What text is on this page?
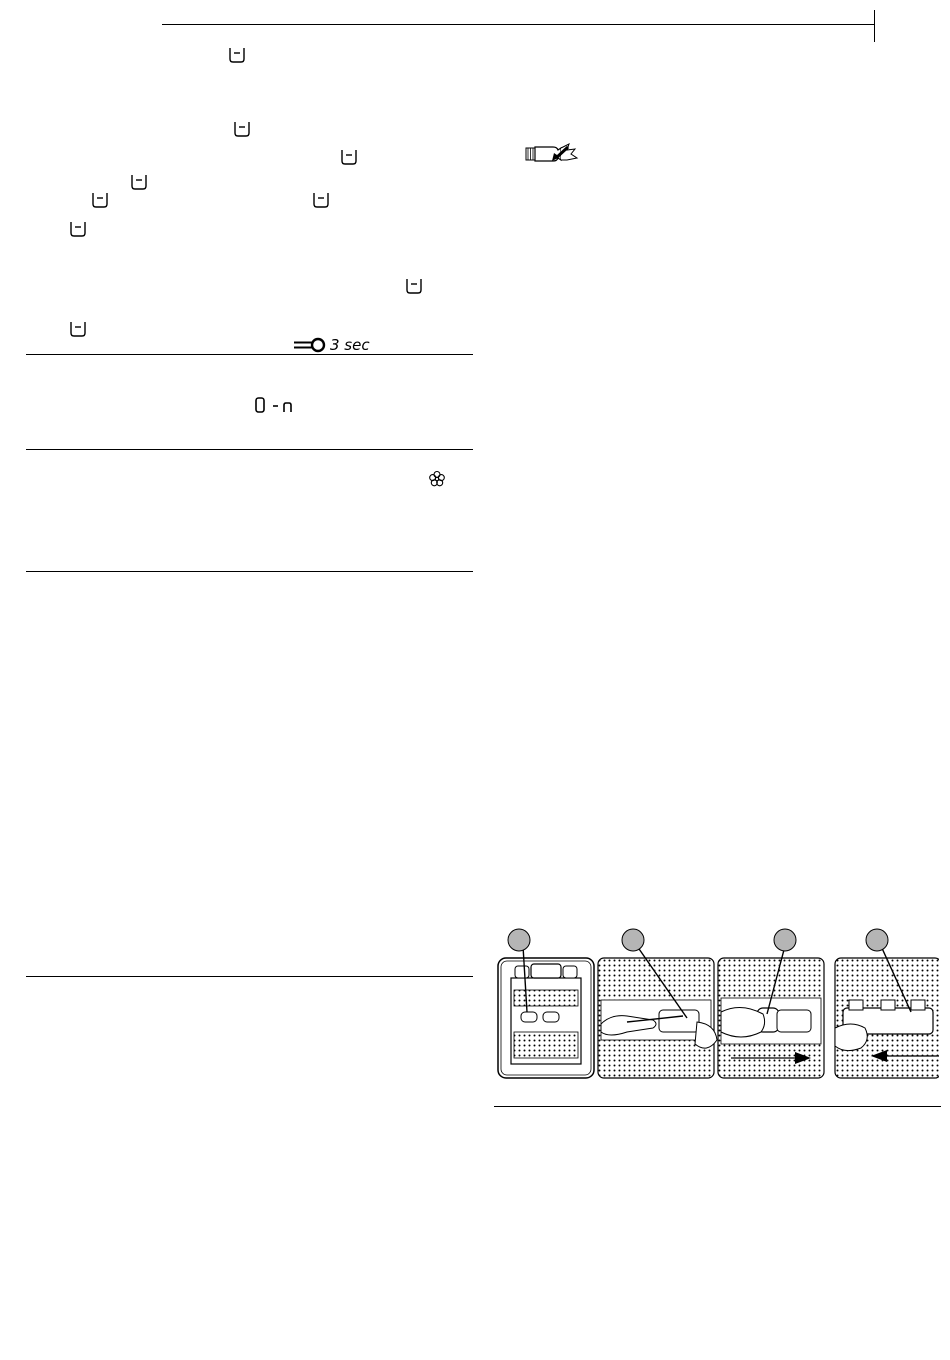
3 sec
